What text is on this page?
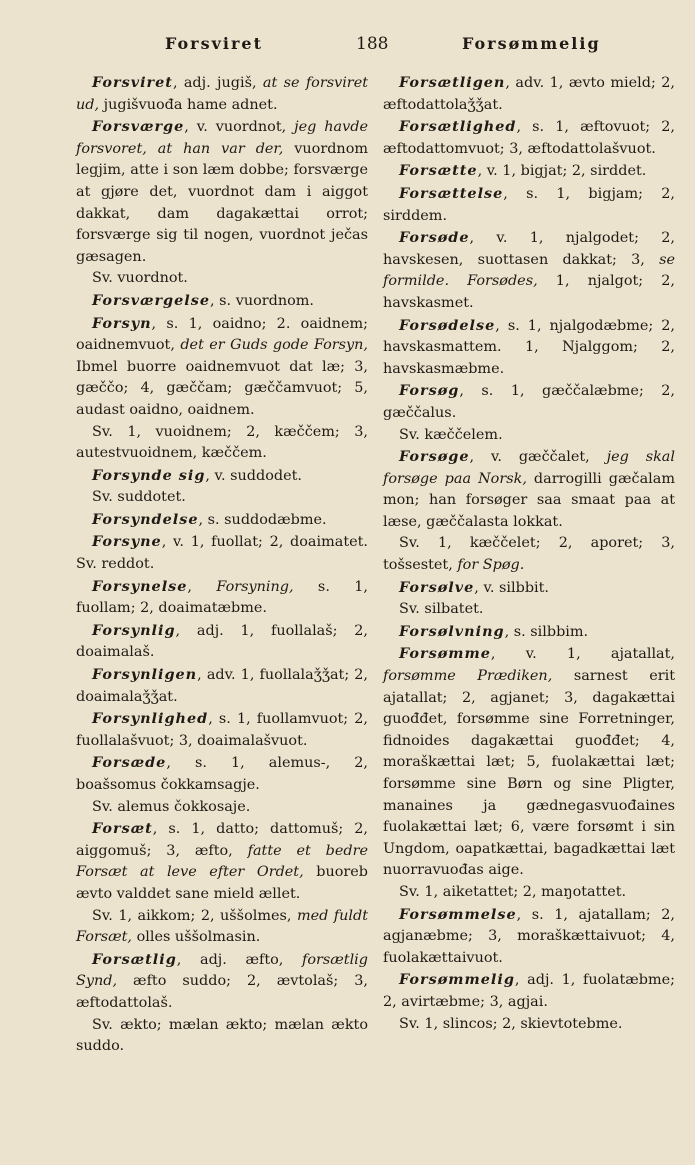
Forsviret	188	Forsømmelig

Forsviret, adj. jugiš, at se forsviret ud, jugišvuođa hame adnet.

Forsværge, v. vuordnot, jeg havde forsvoret, at han var der, vuordnom legjim, atte i son læm dobbe; forsværge at gjøre det, vuordnot dam i aiggot dakkat, dam dagakættai orrot; forsværge sig til nogen, vuordnot ječas gæsagen.

Sv. vuordnot.

Forsværgelse, s. vuordnom.

Forsyn, s. 1, oaidno; 2. oaidnem; oaidnemvuot, det er Guds gode Forsyn, Ibmel buorre oaidnemvuot dat læ; 3, gæččo; 4, gæččam; gæččamvuot; 5, audast oaidno, oaidnem.

Sv. 1, vuoidnem; 2, kæččem; 3, autestvuoidnem, kæččem.

Forsynde sig, v. suddodet.

Sv. suddotet.

Forsyndelse, s. suddodæbme.

Forsyne, v. 1, fuollat; 2, doaimatet. Sv. reddot.

Forsynelse, Forsyning, s. 1, fuollam; 2, doaimatæbme.

Forsynlig, adj. 1, fuollalaš; 2, doaimalaš.

Forsynligen, adv. 1, fuollalaǯǯat; 2, doaimalaǯǯat.

Forsynlighed, s. 1, fuollamvuot; 2, fuollalašvuot; 3, doaimalašvuot.

Forsæde, s. 1, alemus-, 2, boašsomus čokkamsagje.

Sv. alemus čokkosaje.

Forsæt, s. 1, datto; dattomuš; 2, aiggomuš; 3, æfto, fatte et bedre Forsæt at leve efter Ordet, buoreb ævto valddet sane mield ællet.

Sv. 1, aikkom; 2, uššolmes, med fuldt Forsæt, olles uššolmasin.

Forsætlig, adj. æfto, forsætlig Synd, æfto suddo; 2, ævtolaš; 3, æftodattolaš.

Sv. ækto; mælan ækto; mælan ækto suddo.

Forsætligen, adv. 1, ævto mield; 2, æftodattolaǯǯat.

Forsætlighed, s. 1, æftovuot; 2, æftodattomvuot; 3, æftodattolašvuot.

Forsætte, v. 1, bigjat; 2, sirddet.

Forsættelse, s. 1, bigjam; 2, sirddem.

Forsøde, v. 1, njalgodet; 2, havskesen, suottasen dakkat; 3, se formilde. Forsødes, 1, njalgot; 2, havskasmet.

Forsødelse, s. 1, njalgodæbme; 2, havskasmattem. 1, Njalggom; 2, havskasmæbme.

Forsøg, s. 1, gæččalæbme; 2, gæččalus.

Sv. kæččelem.

Forsøge, v. gæččalet, jeg skal forsøge paa Norsk, darrogilli gæčalam mon; han forsøger saa smaat paa at læse, gæččalasta lokkat.

Sv. 1, kæččelet; 2, aporet; 3, tošsestet, for Spøg.

Forsølve, v. silbbit.

Sv. silbatet.

Forsølvning, s. silbbim.

Forsømme, v. 1, ajatallat, forsømme Prædiken, sarnest erit ajatallat; 2, agjanet; 3, dagakættai guođđet, forsømme sine Forretninger, fidnoides dagakættai guođđet; 4, moraškættai læt; 5, fuolakættai læt; forsømme sine Børn og sine Pligter, manaines ja gædnegasvuođaines fuolakættai læt; 6, være forsømt i sin Ungdom, oapatkættai, bagadkættai læt nuorravuođas aige.

Sv. 1, aiketattet; 2, maŋotattet.

Forsømmelse, s. 1, ajatallam; 2, agjanæbme; 3, moraškættaivuot; 4, fuolakættaivuot.

Forsømmelig, adj. 1, fuolatæbme; 2, avirtæbme; 3, agjai.

Sv. 1, slincos; 2, skievtotebme.
